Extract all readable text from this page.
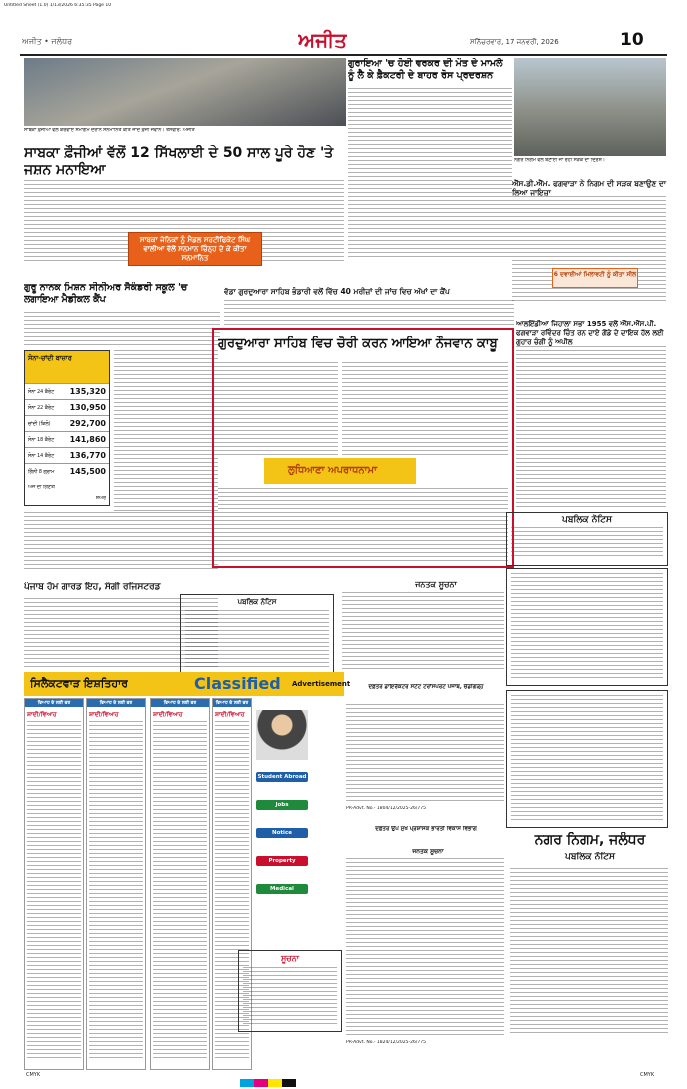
Untitled Sheet (1.0) 1/13/2026 6:35:35 Page 10
ਅਜੀਤ • ਜਲੰਧਰ	ਅਜੀਤ	ਸਨਿੱਚਰਵਾਰ, 17 ਜਨਵਰੀ, 2026	10
ਸਾਬਕਾ ਫ਼ੌਜੀਆਂ ਵੱਲੋਂ ਕਰਵਾਏ ਸਮਾਗਮ ਦੌਰਾਨ ਸਨਮਾਨਿਤ ਕੀਤੇ ਜਾਂਦੇ ਫ਼ੌਜੀ ਜਵਾਨ। ਤਸਵੀਰ: ਅਜੀਤ
ਸਾਬਕਾ ਫ਼ੌਜੀਆਂ ਵੱਲੋਂ 12 ਸਿੱਖਲਾਈ ਦੇ 50 ਸਾਲ ਪੂਰੇ ਹੋਣ 'ਤੇ ਜਸ਼ਨ ਮਨਾਇਆ
ਸਾਬਕਾ ਜੇਨਿਕਾਂ ਨੂੰ ਮੈਡਲ ਸਰਟੀਫਿਕੇਟ ਸਿੰਘ ਵਾਲੀਆ ਵੱਲੋਂ ਸਨਮਾਨ ਚਿੰਨ੍ਹ ਦੇ ਕੇ ਕੀਤਾ ਸਨਮਾਨਿਤ
ਗੁਰਾਇਆ 'ਚ ਹੋਈ ਵਰਕਰ ਦੀ ਮੌਤ ਦੇ ਮਾਮਲੇ ਨੂੰ ਲੈ ਕੇ ਫ਼ੈਕਟਰੀ ਦੇ ਬਾਹਰ ਰੋਸ ਪ੍ਰਦਰਸ਼ਨ
ਨਗਰ ਨਿਗਮ ਵੱਲੋਂ ਬਣਾਈ ਜਾ ਰਹੀ ਸੜਕ ਦਾ ਦ੍ਰਿਸ਼।
ਐੱਸ.ਡੀ.ਐੱਮ. ਫਗਵਾੜਾ ਨੇ ਨਿਗਮ ਦੀ ਸੜਕ ਬਣਾਉਣ ਦਾ ਲਿਆ ਜਾਇਜ਼ਾ
6 ਦਵਾਈਆਂ ਮਿਲਾਵਟੀ ਨੂੰ ਕੀਤਾ ਸੀਲ
ਵੱਡਾ ਗੁਰਦੁਆਰਾ ਸਾਹਿਬ ਭੰਡਾਰੀ ਵਲੋਂ ਵਿੱਚ 40 ਮਰੀਜ਼ਾਂ ਦੀ ਜਾਂਚ ਵਿਚ ਅੱਖਾਂ ਦਾ ਕੈਂਪ
ਗੁਰੂ ਨਾਨਕ ਮਿਸ਼ਨ ਸੀਨੀਅਰ ਸੈਕੰਡਰੀ ਸਕੂਲ 'ਚ ਲਗਾਇਆ ਮੈਡੀਕਲ ਕੈਂਪ
ਸੋਨਾ-ਚਾਂਦੀ ਬਾਜ਼ਾਰ
ਸੋਨਾ 24 ਕੈਰੇਟ 135,320
ਸੋਨਾ 22 ਕੈਰੇਟ 130,950
ਚਾਂਦੀ (ਕਿਲੋ) 292,700
ਸੋਨਾ 18 ਕੈਰੇਟ 141,860
ਸੋਨਾ 14 ਕੈਰੇਟ 136,770
ਗਿੰਨੀ 8 ਗ੍ਰਾਮ 145,500
ਅੱਜ ਦੀ ਗਿਣਤੀ
ਸ਼ੇਅਰ
ਗੁਰਦੁਆਰਾ ਸਾਹਿਬ ਵਿਚ ਚੋਰੀ ਕਰਨ ਆਇਆ ਨੌਜਵਾਨ ਕਾਬੂ
ਲੁਧਿਆਣਾ ਅਪਰਾਧਨਾਮਾ
ਆਲਇੰਡੀਆ ਜਿਹਾਲਾ ਸਭਾ 1955 ਵਲੋਂ ਐੱਸ.ਐੱਸ.ਪੀ. ਫਗਵਾੜਾ ਰਵਿੰਦਰ ਚਿੰਤ ਰਨ ਦਾਏ ਗੋਂਡੇ ਦੇ ਦਾਇਕ ਹੱਲ ਲਈ ਗੁਹਾਰ ਚੰਗੀ ਨੂੰ ਅਪੀਲ
ਪਬਲਿਕ ਨੋਟਿਸ
ਪੰਜਾਬ ਹੋਮ ਗਾਰਡ ਇਹ, ਸੰਗੀ ਰਜਿਸਟਰਡ
ਪਬਲਿਕ ਨੋਟਿਸ
ਜਨਤਕ ਸੂਚਨਾ
ਸਿਲੈਕਟਵਾੜ ਇਸ਼ਤਿਹਾਰ	Classified Advertisement
ਵਿਆਹ ਦੇ ਲਈ ਵਰ
ਸ਼ਾਦੀ/ਵਿਆਹ
ਵਿਆਹ ਦੇ ਲਈ ਵਰ
ਸ਼ਾਦੀ/ਵਿਆਹ
ਵਿਆਹ ਦੇ ਲਈ ਵਰ
ਸ਼ਾਦੀ/ਵਿਆਹ
ਵਿਆਹ ਦੇ ਲਈ ਵਰ
ਸ਼ਾਦੀ/ਵਿਆਹ
Student Abroad
Jobs
Notice
Property
Medical
ਦਫ਼ਤਰ ਡਾਇਰੈਕਟਰ ਸਟੇਟ ਟਰਾਂਸਪੋਰਟ ਪੰਜਾਬ, ਚੰਡੀਗੜ੍ਹ
PR-Advt. No.- 1804/12/2025-26/775
ਦਫ਼ਤਰ ਉਪ ਮੁੱਖ ਪ੍ਰਸ਼ਾਸਕ ਭਾਰਤੀ ਵਿਕਾਸ ਵਿਭਾਗ
ਜਨਤਕ ਸੂਚਨਾ
PR-Advt. No.- 1824/12/2025-26/775
ਸੂਚਨਾ
ਨਗਰ ਨਿਗਮ, ਜਲੰਧਰ
ਪਬਲਿਕ ਨੋਟਿਸ
CMYK	CMYK
